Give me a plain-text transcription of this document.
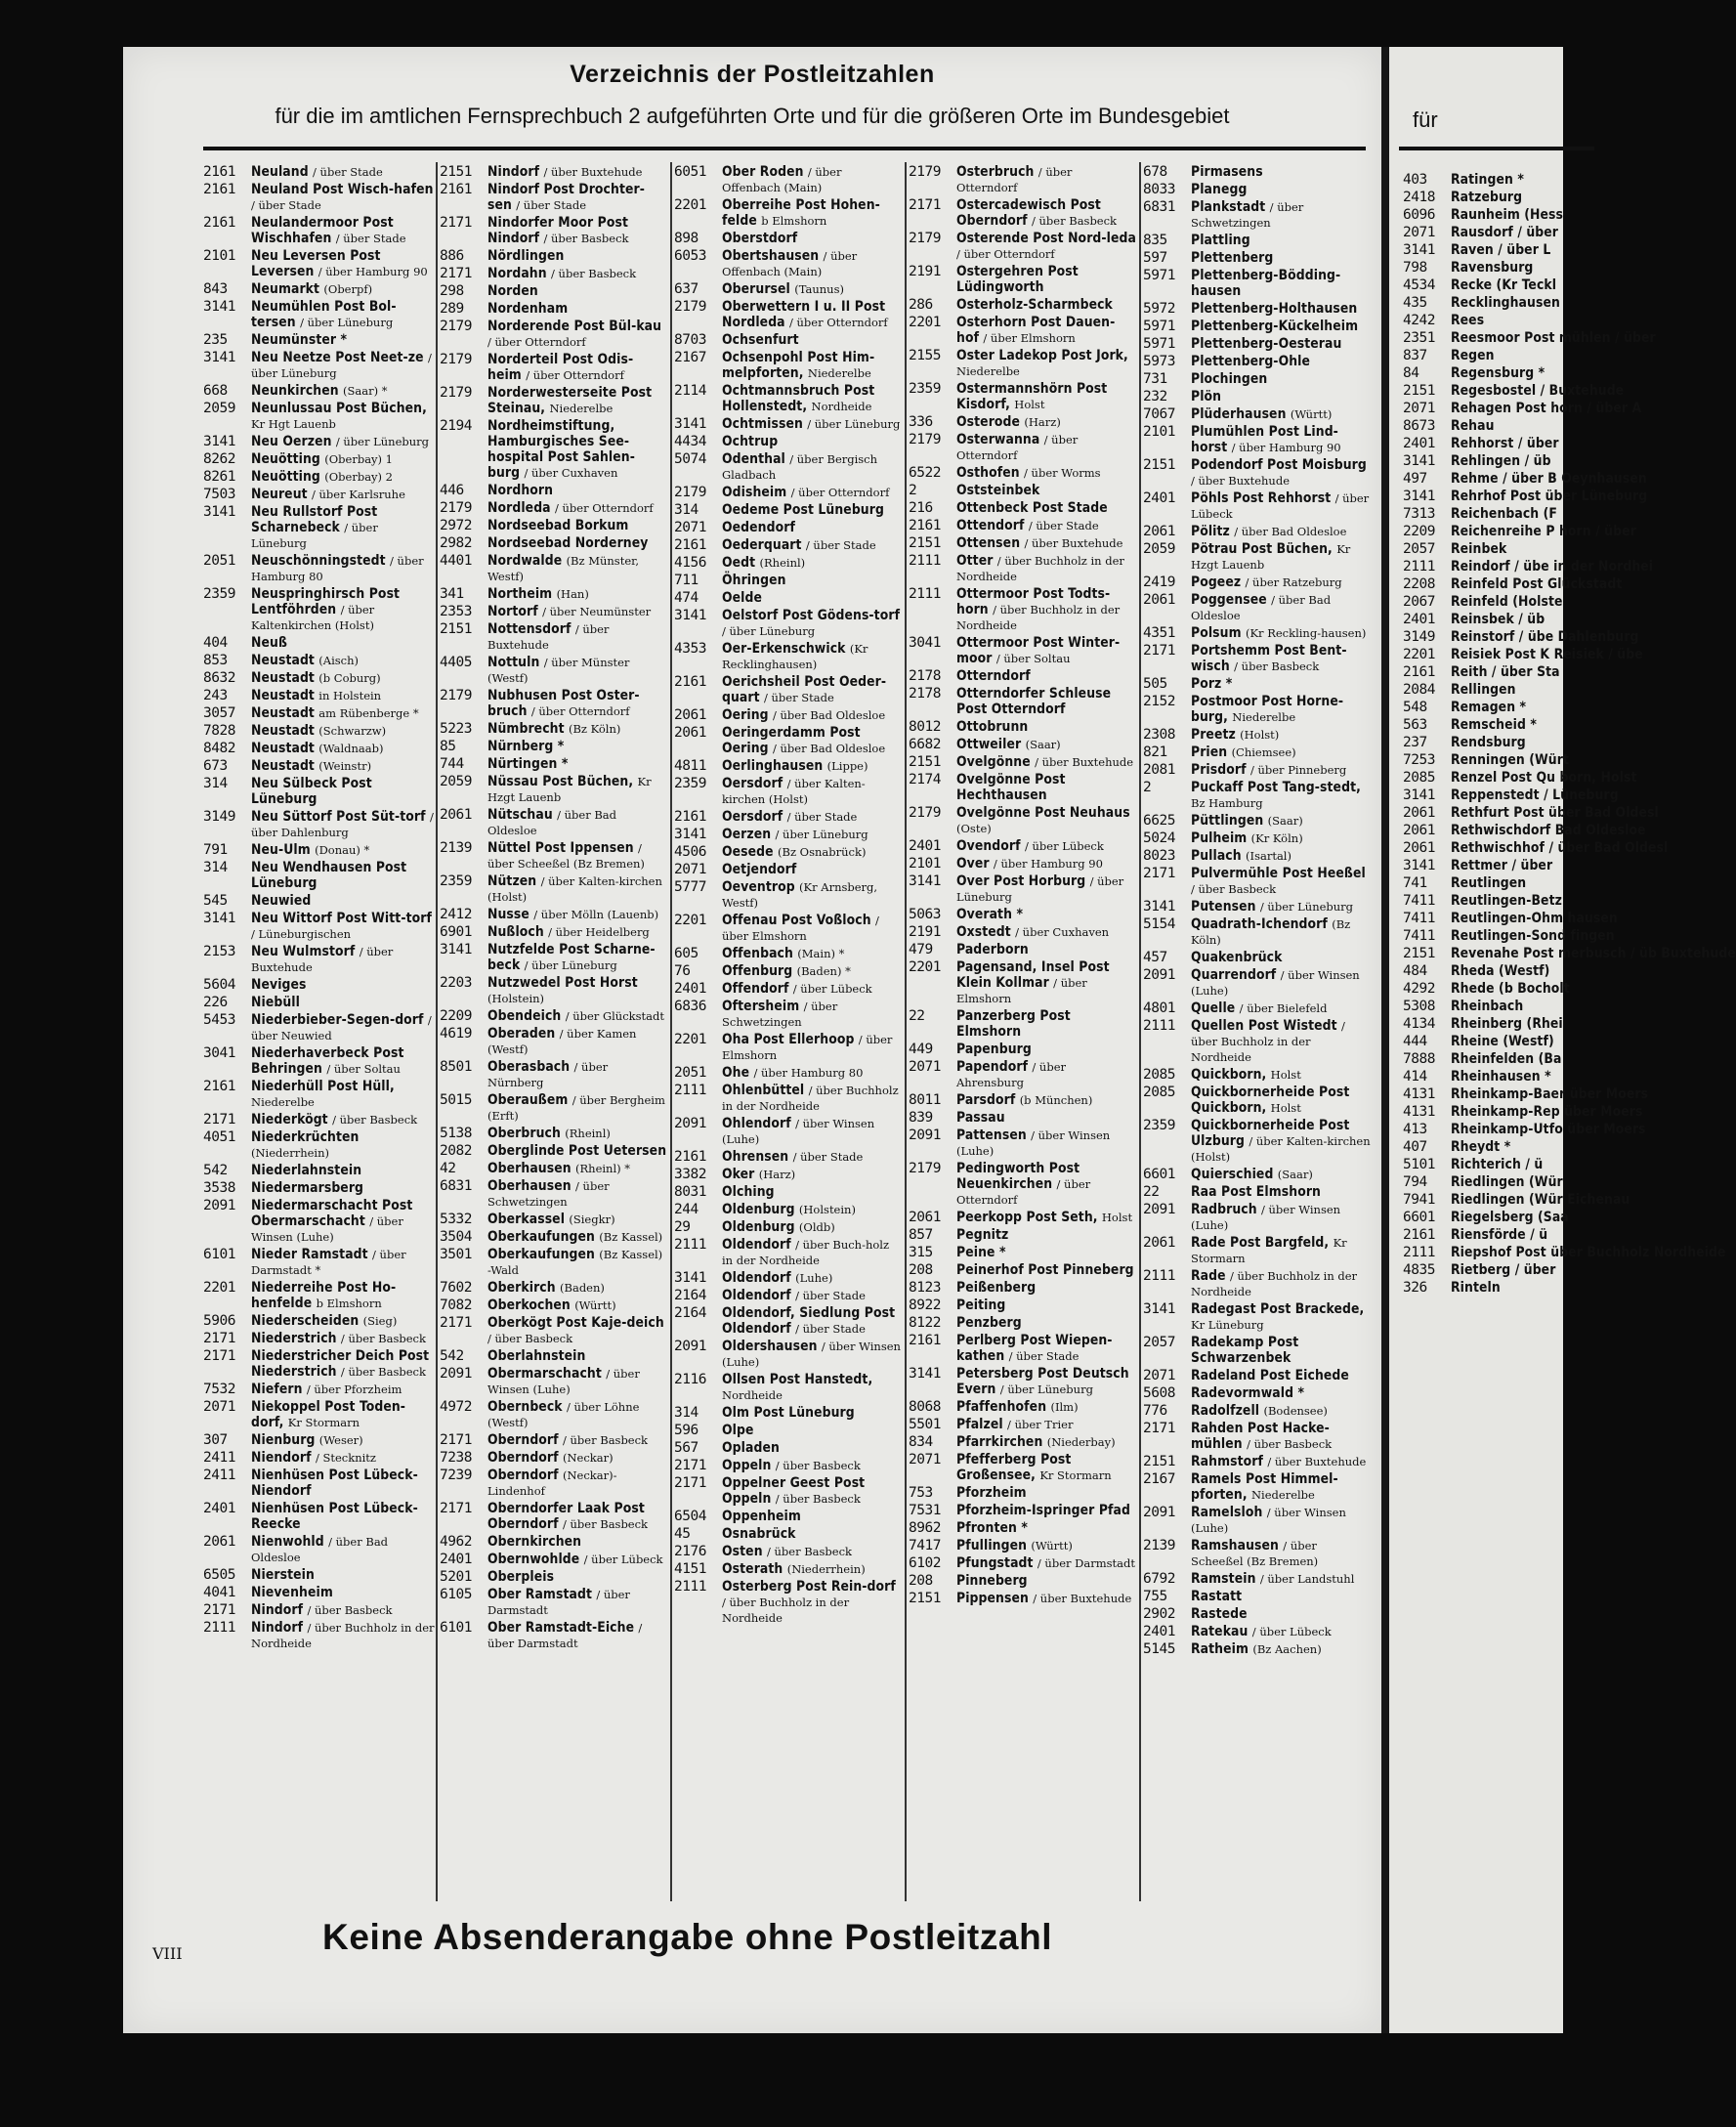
Verzeichnis der Postleitzahlen
für die im amtlichen Fernsprechbuch 2 aufgeführten Orte und für die größeren Orte im Bundesgebiet
2161	Neuland / über Stade
2161	Neuland Post Wisch-hafen / über Stade
2161	Neulandermoor Post Wischhafen / über Stade
2101	Neu Leversen Post Leversen / über Hamburg 90
843	Neumarkt (Oberpf)
3141	Neumühlen Post Bol-tersen / über Lüneburg
235	Neumünster *
3141	Neu Neetze Post Neet-ze / über Lüneburg
668	Neunkirchen (Saar) *
2059	Neunlussau Post Büchen, Kr Hgt Lauenb
3141	Neu Oerzen / über Lüneburg
8262	Neuötting (Oberbay) 1
8261	Neuötting (Oberbay) 2
7503	Neureut / über Karlsruhe
3141	Neu Rullstorf Post Scharnebeck / über Lüneburg
2051	Neuschönningstedt / über Hamburg 80
2359	Neuspringhirsch Post Lentföhrden / über Kaltenkirchen (Holst)
404	Neuß
853	Neustadt (Aisch)
8632	Neustadt (b Coburg)
243	Neustadt in Holstein
3057	Neustadt am Rübenberge *
7828	Neustadt (Schwarzw)
8482	Neustadt (Waldnaab)
673	Neustadt (Weinstr)
314	Neu Sülbeck Post Lüneburg
3149	Neu Süttorf Post Süt-torf / über Dahlenburg
791	Neu-Ulm (Donau) *
314	Neu Wendhausen Post Lüneburg
545	Neuwied
3141	Neu Wittorf Post Witt-torf / Lüneburgischen
2153	Neu Wulmstorf / über Buxtehude
5604	Neviges
226	Niebüll
5453	Niederbieber-Segen-dorf / über Neuwied
3041	Niederhaverbeck Post Behringen / über Soltau
2161	Niederhüll Post Hüll, Niederelbe
2171	Niederkögt / über Basbeck
4051	Niederkrüchten (Niederrhein)
542	Niederlahnstein
3538	Niedermarsberg
2091	Niedermarschacht Post Obermarschacht / über Winsen (Luhe)
6101	Nieder Ramstadt / über Darmstadt *
2201	Niederreihe Post Ho-henfelde b Elmshorn
5906	Niederscheiden (Sieg)
2171	Niederstrich / über Basbeck
2171	Niederstricher Deich Post Niederstrich / über Basbeck
7532	Niefern / über Pforzheim
2071	Niekoppel Post Toden-dorf, Kr Stormarn
307	Nienburg (Weser)
2411	Niendorf / Stecknitz
2411	Nienhüsen Post Lübeck-Niendorf
2401	Nienhüsen Post Lübeck-Reecke
2061	Nienwohld / über Bad Oldesloe
6505	Nierstein
4041	Nievenheim
2171	Nindorf / über Basbeck
2111	Nindorf / über Buchholz in der Nordheide
2151	Nindorf / über Buxtehude
2161	Nindorf Post Drochter-sen / über Stade
2171	Nindorfer Moor Post Nindorf / über Basbeck
886	Nördlingen
2171	Nordahn / über Basbeck
298	Norden
289	Nordenham
2179	Norderende Post Bül-kau / über Otterndorf
2179	Norderteil Post Odis-heim / über Otterndorf
2179	Norderwesterseite Post Steinau, Niederelbe
2194	Nordheimstiftung, Hamburgisches See-hospital Post Sahlen-burg / über Cuxhaven
446	Nordhorn
2179	Nordleda / über Otterndorf
2972	Nordseebad Borkum
2982	Nordseebad Norderney
4401	Nordwalde (Bz Münster, Westf)
341	Northeim (Han)
2353	Nortorf / über Neumünster
2151	Nottensdorf / über Buxtehude
4405	Nottuln / über Münster (Westf)
2179	Nubhusen Post Oster-bruch / über Otterndorf
5223	Nümbrecht (Bz Köln)
85	Nürnberg *
744	Nürtingen *
2059	Nüssau Post Büchen, Kr Hzgt Lauenb
2061	Nütschau / über Bad Oldesloe
2139	Nüttel Post Ippensen / über Scheeßel (Bz Bremen)
2359	Nützen / über Kalten-kirchen (Holst)
2412	Nusse / über Mölln (Lauenb)
6901	Nußloch / über Heidelberg
3141	Nutzfelde Post Scharne-beck / über Lüneburg
2203	Nutzwedel Post Horst (Holstein)
2209	Obendeich / über Glückstadt
4619	Oberaden / über Kamen (Westf)
8501	Oberasbach / über Nürnberg
5015	Oberaußem / über Bergheim (Erft)
5138	Oberbruch (Rheinl)
2082	Oberglinde Post Uetersen
42	Oberhausen (Rheinl) *
6831	Oberhausen / über Schwetzingen
5332	Oberkassel (Siegkr)
3504	Oberkaufungen (Bz Kassel)
3501	Oberkaufungen (Bz Kassel) -Wald
7602	Oberkirch (Baden)
7082	Oberkochen (Württ)
2171	Oberkögt Post Kaje-deich / über Basbeck
542	Oberlahnstein
2091	Obermarschacht / über Winsen (Luhe)
4972	Obernbeck / über Löhne (Westf)
2171	Oberndorf / über Basbeck
7238	Oberndorf (Neckar)
7239	Oberndorf (Neckar)-Lindenhof
2171	Oberndorfer Laak Post Oberndorf / über Basbeck
4962	Obernkirchen
2401	Obernwohlde / über Lübeck
5201	Oberpleis
6105	Ober Ramstadt / über Darmstadt
6101	Ober Ramstadt-Eiche / über Darmstadt
6051	Ober Roden / über Offenbach (Main)
2201	Oberreihe Post Hohen-felde b Elmshorn
898	Oberstdorf
6053	Obertshausen / über Offenbach (Main)
637	Oberursel (Taunus)
2179	Oberwettern I u. II Post Nordleda / über Otterndorf
8703	Ochsenfurt
2167	Ochsenpohl Post Him-melpforten, Niederelbe
2114	Ochtmannsbruch Post Hollenstedt, Nordheide
3141	Ochtmissen / über Lüneburg
4434	Ochtrup
5074	Odenthal / über Bergisch Gladbach
2179	Odisheim / über Otterndorf
314	Oedeme Post Lüneburg
2071	Oedendorf
2161	Oederquart / über Stade
4156	Oedt (Rheinl)
711	Öhringen
474	Oelde
3141	Oelstorf Post Gödens-torf / über Lüneburg
4353	Oer-Erkenschwick (Kr Recklinghausen)
2161	Oerichsheil Post Oeder-quart / über Stade
2061	Oering / über Bad Oldesloe
2061	Oeringerdamm Post Oering / über Bad Oldesloe
4811	Oerlinghausen (Lippe)
2359	Oersdorf / über Kalten-kirchen (Holst)
2161	Oersdorf / über Stade
3141	Oerzen / über Lüneburg
4506	Oesede (Bz Osnabrück)
2071	Oetjendorf
5777	Oeventrop (Kr Arnsberg, Westf)
2201	Offenau Post Voßloch / über Elmshorn
605	Offenbach (Main) *
76	Offenburg (Baden) *
2401	Offendorf / über Lübeck
6836	Oftersheim / über Schwetzingen
2201	Oha Post Ellerhoop / über Elmshorn
2051	Ohe / über Hamburg 80
2111	Ohlenbüttel / über Buchholz in der Nordheide
2091	Ohlendorf / über Winsen (Luhe)
2161	Ohrensen / über Stade
3382	Oker (Harz)
8031	Olching
244	Oldenburg (Holstein)
29	Oldenburg (Oldb)
2111	Oldendorf / über Buch-holz in der Nordheide
3141	Oldendorf (Luhe)
2164	Oldendorf / über Stade
2164	Oldendorf, Siedlung Post Oldendorf / über Stade
2091	Oldershausen / über Winsen (Luhe)
2116	Ollsen Post Hanstedt, Nordheide
314	Olm Post Lüneburg
596	Olpe
567	Opladen
2171	Oppeln / über Basbeck
2171	Oppelner Geest Post Oppeln / über Basbeck
6504	Oppenheim
45	Osnabrück
2176	Osten / über Basbeck
4151	Osterath (Niederrhein)
2111	Osterberg Post Rein-dorf / über Buchholz in der Nordheide
2179	Osterbruch / über Otterndorf
2171	Ostercadewisch Post Oberndorf / über Basbeck
2179	Osterende Post Nord-leda / über Otterndorf
2191	Ostergehren Post Lüdingworth
286	Osterholz-Scharmbeck
2201	Osterhorn Post Dauen-hof / über Elmshorn
2155	Oster Ladekop Post Jork, Niederelbe
2359	Ostermannshörn Post Kisdorf, Holst
336	Osterode (Harz)
2179	Osterwanna / über Otterndorf
6522	Osthofen / über Worms
2	Oststeinbek
216	Ottenbeck Post Stade
2161	Ottendorf / über Stade
2151	Ottensen / über Buxtehude
2111	Otter / über Buchholz in der Nordheide
2111	Ottermoor Post Todts-horn / über Buchholz in der Nordheide
3041	Ottermoor Post Winter-moor / über Soltau
2178	Otterndorf
2178	Otterndorfer Schleuse Post Otterndorf
8012	Ottobrunn
6682	Ottweiler (Saar)
2151	Ovelgönne / über Buxtehude
2174	Ovelgönne Post Hechthausen
2179	Ovelgönne Post Neuhaus (Oste)
2401	Ovendorf / über Lübeck
2101	Over / über Hamburg 90
3141	Over Post Horburg / über Lüneburg
5063	Overath *
2191	Oxstedt / über Cuxhaven
479	Paderborn
2201	Pagensand, Insel Post Klein Kollmar / über Elmshorn
22	Panzerberg Post Elmshorn
449	Papenburg
2071	Papendorf / über Ahrensburg
8011	Parsdorf (b München)
839	Passau
2091	Pattensen / über Winsen (Luhe)
2179	Pedingworth Post Neuenkirchen / über Otterndorf
2061	Peerkopp Post Seth, Holst
857	Pegnitz
315	Peine *
208	Peinerhof Post Pinneberg
8123	Peißenberg
8922	Peiting
8122	Penzberg
2161	Perlberg Post Wiepen-kathen / über Stade
3141	Petersberg Post Deutsch Evern / über Lüneburg
8068	Pfaffenhofen (Ilm)
5501	Pfalzel / über Trier
834	Pfarrkirchen (Niederbay)
2071	Pfefferberg Post Großensee, Kr Stormarn
753	Pforzheim
7531	Pforzheim-Ispringer Pfad
8962	Pfronten *
7417	Pfullingen (Württ)
6102	Pfungstadt / über Darmstadt
208	Pinneberg
2151	Pippensen / über Buxtehude
678	Pirmasens
8033	Planegg
6831	Plankstadt / über Schwetzingen
835	Plattling
597	Plettenberg
5971	Plettenberg-Bödding-hausen
5972	Plettenberg-Holthausen
5971	Plettenberg-Kückelheim
5971	Plettenberg-Oesterau
5973	Plettenberg-Ohle
731	Plochingen
232	Plön
7067	Plüderhausen (Württ)
2101	Plumühlen Post Lind-horst / über Hamburg 90
2151	Podendorf Post Moisburg / über Buxtehude
2401	Pöhls Post Rehhorst / über Lübeck
2061	Pölitz / über Bad Oldesloe
2059	Pötrau Post Büchen, Kr Hzgt Lauenb
2419	Pogeez / über Ratzeburg
2061	Poggensee / über Bad Oldesloe
4351	Polsum (Kr Reckling-hausen)
2171	Portshemm Post Bent-wisch / über Basbeck
505	Porz *
2152	Postmoor Post Horne-burg, Niederelbe
2308	Preetz (Holst)
821	Prien (Chiemsee)
2081	Prisdorf / über Pinneberg
2	Puckaff Post Tang-stedt, Bz Hamburg
6625	Püttlingen (Saar)
5024	Pulheim (Kr Köln)
8023	Pullach (Isartal)
2171	Pulvermühle Post Heeßel / über Basbeck
3141	Putensen / über Lüneburg
5154	Quadrath-Ichendorf (Bz Köln)
457	Quakenbrück
2091	Quarrendorf / über Winsen (Luhe)
4801	Quelle / über Bielefeld
2111	Quellen Post Wistedt / über Buchholz in der Nordheide
2085	Quickborn, Holst
2085	Quickbornerheide Post Quickborn, Holst
2359	Quickbornerheide Post Ulzburg / über Kalten-kirchen (Holst)
6601	Quierschied (Saar)
22	Raa Post Elmshorn
2091	Radbruch / über Winsen (Luhe)
2061	Rade Post Bargfeld, Kr Stormarn
2111	Rade / über Buchholz in der Nordheide
3141	Radegast Post Brackede, Kr Lüneburg
2057	Radekamp Post Schwarzenbek
2071	Radeland Post Eichede
5608	Radevormwald *
776	Radolfzell (Bodensee)
2171	Rahden Post Hacke-mühlen / über Basbeck
2151	Rahmstorf / über Buxtehude
2167	Ramels Post Himmel-pforten, Niederelbe
2091	Ramelsloh / über Winsen (Luhe)
2139	Ramshausen / über Scheeßel (Bz Bremen)
6792	Ramstein / über Landstuhl
755	Rastatt
2902	Rastede
2401	Ratekau / über Lübeck
5145	Ratheim (Bz Aachen)
für
403	Ratingen *
2418	Ratzeburg
6096	Raunheim (Hess
2071	Rausdorf / über
3141	Raven / über L
798	Ravensburg
4534	Recke (Kr Teckl
435	Recklinghausen
4242	Rees
2351	Reesmoor Post mühlen / über
837	Regen
84	Regensburg *
2151	Regesbostel / Buxtehude
2071	Rehagen Post horn / über A
8673	Rehau
2401	Rehhorst / über
3141	Rehlingen / üb
497	Rehme / über B Oeynhausen
3141	Rehrhof Post über Lüneburg
7313	Reichenbach (F
2209	Reichenreihe P horn / über
2057	Reinbek
2111	Reindorf / übe in der Nordhei
2208	Reinfeld Post Glückstadt
2067	Reinfeld (Holste
2401	Reinsbek / üb
3149	Reinstorf / übe Dahlenburg
2201	Reisiek Post K Reisiek / übe
2161	Reith / über Sta
2084	Rellingen
548	Remagen *
563	Remscheid *
237	Rendsburg
7253	Renningen (Würt
2085	Renzel Post Qu born, Holst
3141	Reppenstedt / Lüneburg
2061	Rethfurt Post über Bad Oldesl
2061	Rethwischdorf Bad Oldesloe
2061	Rethwischhof / über Bad Oldesl
3141	Rettmer / über
741	Reutlingen
7411	Reutlingen-Betz
7411	Reutlingen-Ohm hausen
7411	Reutlingen-Sond fingen
2151	Revenahe Post merbusch / üb Buxtehude
484	Rheda (Westf)
4292	Rhede (b Bocholt
5308	Rheinbach
4134	Rheinberg (Rhei
444	Rheine (Westf)
7888	Rheinfelden (Ba
414	Rheinhausen *
4131	Rheinkamp-Baer über Moers
4131	Rheinkamp-Rep über Moers
413	Rheinkamp-Utfo über Moers
407	Rheydt *
5101	Richterich / ü
794	Riedlingen (Wür
7941	Riedlingen (Wür Eichenau
6601	Riegelsberg (Saa
2161	Riensförde / ü
2111	Riepshof Post über Buchholz Nordheide
4835	Rietberg / über
326	Rinteln
VIII	Keine Absenderangabe ohne Postleitzahl
